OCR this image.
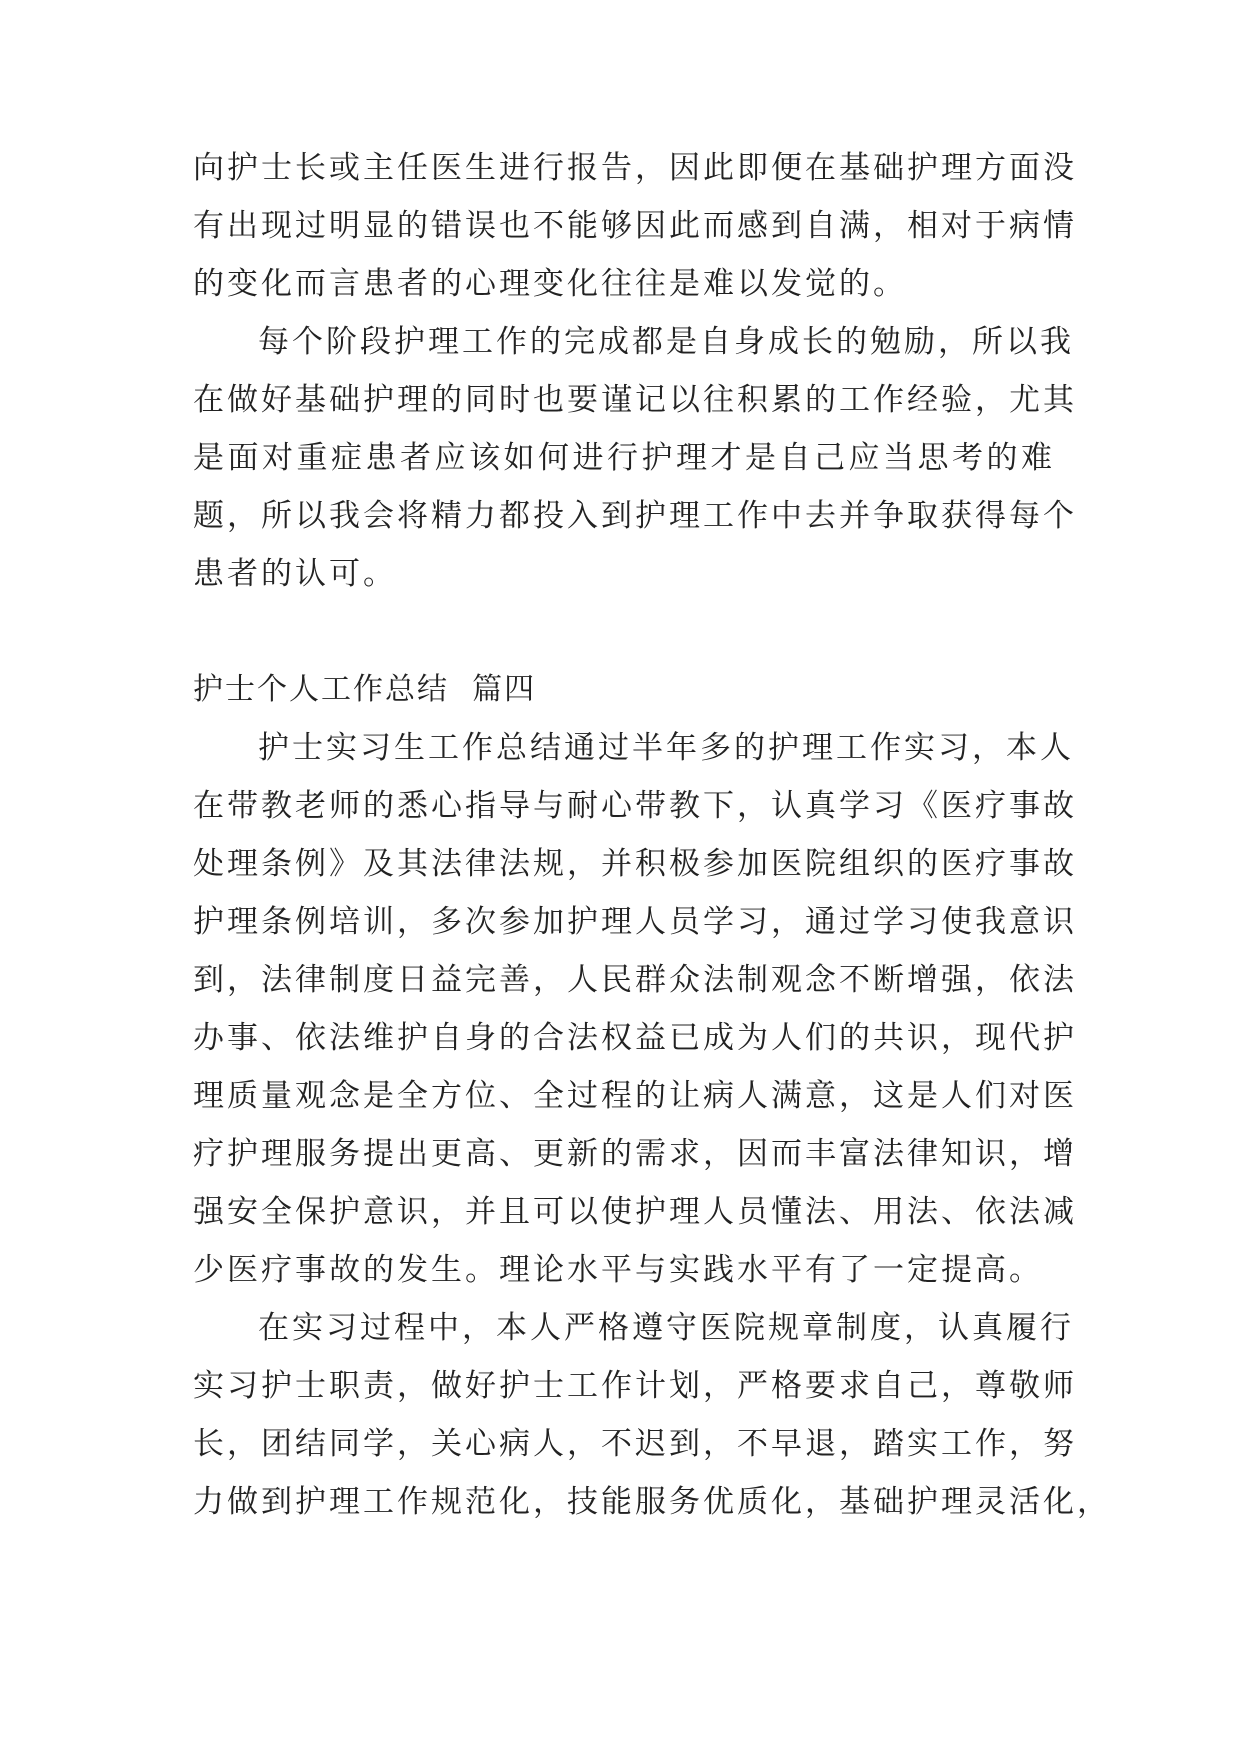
向护士长或主任医生进行报告，因此即便在基础护理方面没
有出现过明显的错误也不能够因此而感到自满，相对于病情
的变化而言患者的心理变化往往是难以发觉的。
每个阶段护理工作的完成都是自身成长的勉励，所以我
在做好基础护理的同时也要谨记以往积累的工作经验，尤其
是面对重症患者应该如何进行护理才是自己应当思考的难
题，所以我会将精力都投入到护理工作中去并争取获得每个
患者的认可。
护士个人工作总结  篇四
护士实习生工作总结通过半年多的护理工作实习，本人
在带教老师的悉心指导与耐心带教下，认真学习《医疗事故
处理条例》及其法律法规，并积极参加医院组织的医疗事故
护理条例培训，多次参加护理人员学习，通过学习使我意识
到，法律制度日益完善，人民群众法制观念不断增强，依法
办事、依法维护自身的合法权益已成为人们的共识，现代护
理质量观念是全方位、全过程的让病人满意，这是人们对医
疗护理服务提出更高、更新的需求，因而丰富法律知识，增
强安全保护意识，并且可以使护理人员懂法、用法、依法减
少医疗事故的发生。理论水平与实践水平有了一定提高。
在实习过程中，本人严格遵守医院规章制度，认真履行
实习护士职责，做好护士工作计划，严格要求自己，尊敬师
长，团结同学，关心病人，不迟到，不早退，踏实工作，努
力做到护理工作规范化，技能服务优质化，基础护理灵活化，
